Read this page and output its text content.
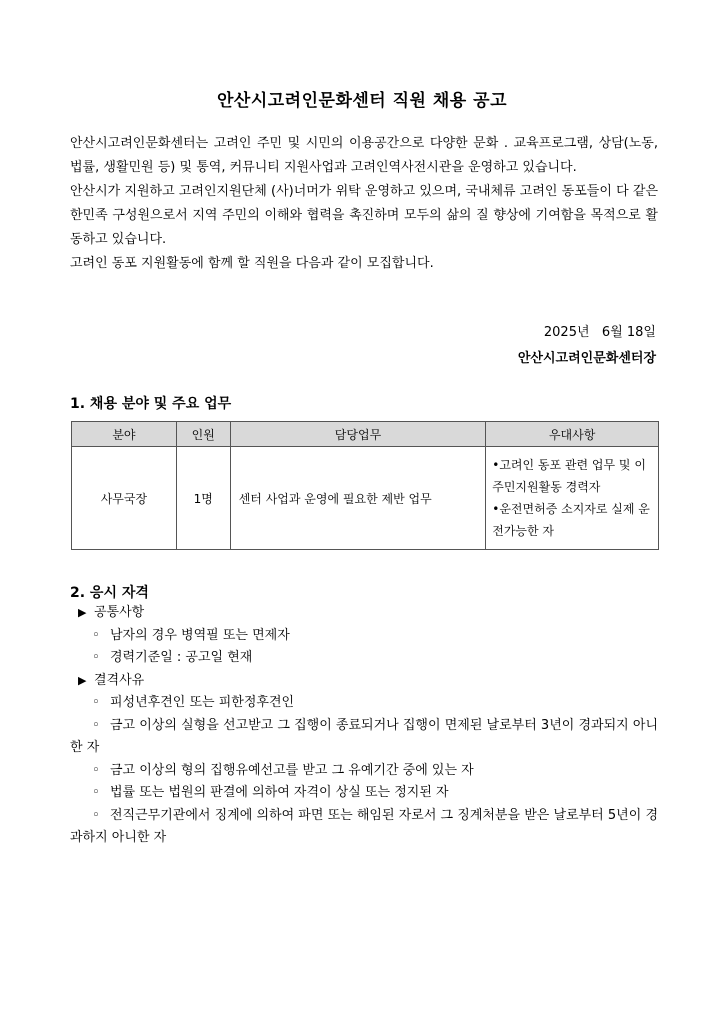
안산시고려인문화센터 직원 채용 공고

안산시고려인문화센터는 고려인 주민 및 시민의 이용공간으로 다양한 문화 . 교육프로그램, 상담(노동, 법률, 생활민원 등) 및 통역, 커뮤니티 지원사업과 고려인역사전시관을 운영하고 있습니다.

안산시가 지원하고 고려인지원단체 (사)너머가 위탁 운영하고 있으며, 국내체류 고려인 동포들이 다 같은 한민족 구성원으로서 지역 주민의 이해와 협력을 촉진하며 모두의 삶의 질 향상에 기여함을 목적으로 활동하고 있습니다.

고려인 동포 지원활동에 함께 할 직원을 다음과 같이 모집합니다.

2025년   6월 18일
안산시고려인문화센터장
1. 채용 분야 및 주요 업무
분야	인원	담당업무	우대사항
사무국장	1명	센터 사업과 운영에 필요한 제반 업무	•고려인 동포 관련 업무 및 이주민지원활동 경력자
•운전면허증 소지자로 실제 운전가능한 자
2. 응시 자격
▶ 공통사항
◦ 남자의 경우 병역필 또는 면제자
◦ 경력기준일 : 공고일 현재
▶ 결격사유
◦ 피성년후견인 또는 피한정후견인
◦ 금고 이상의 실형을 선고받고 그 집행이 종료되거나 집행이 면제된 날로부터 3년이 경과되지 아니한 자
◦ 금고 이상의 형의 집행유예선고를 받고 그 유예기간 중에 있는 자
◦ 법률 또는 법원의 판결에 의하여 자격이 상실 또는 정지된 자
◦ 전직근무기관에서 징계에 의하여 파면 또는 해임된 자로서 그 징계처분을 받은 날로부터 5년이 경과하지 아니한 자
